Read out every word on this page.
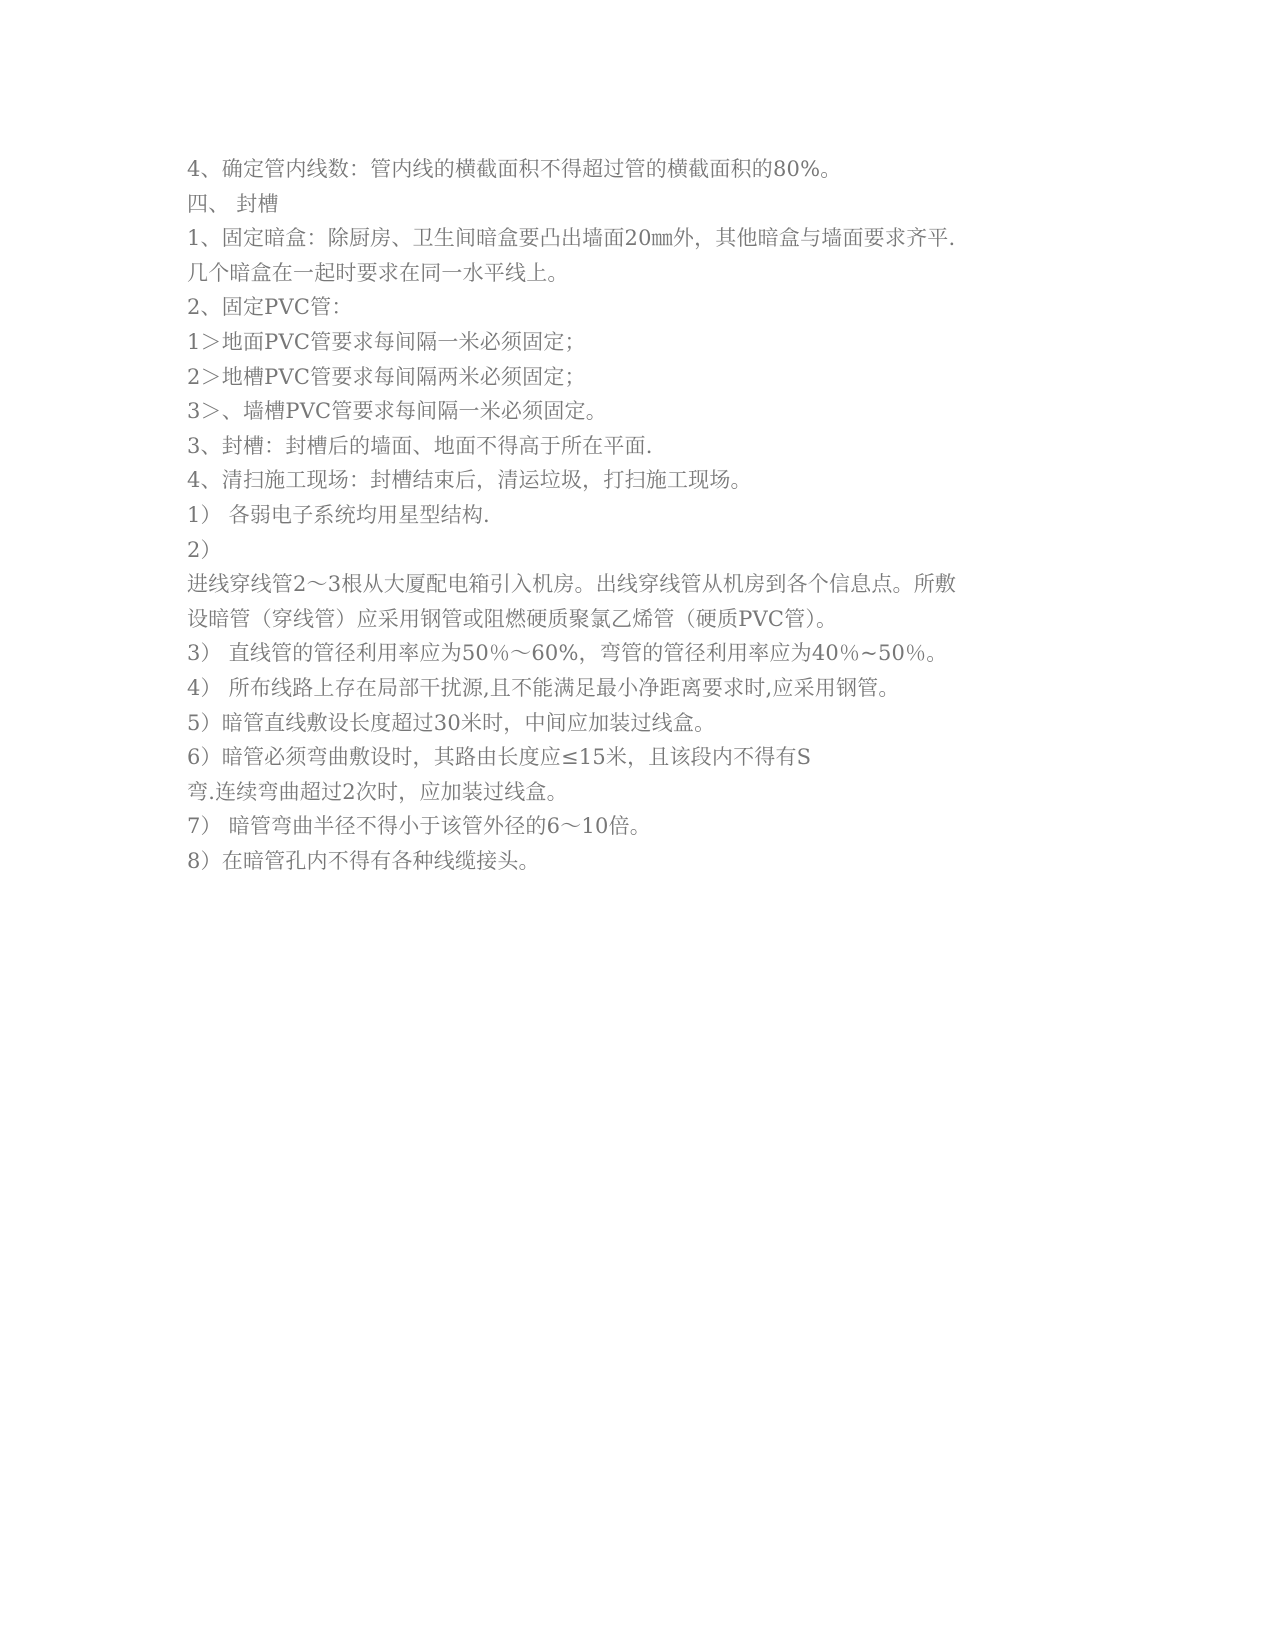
4、确定管内线数：管内线的横截面积不得超过管的横截面积的80%。
四、 封槽
1、固定暗盒：除厨房、卫生间暗盒要凸出墙面20㎜外，其他暗盒与墙面要求齐平.
几个暗盒在一起时要求在同一水平线上。
2、固定PVC管：
1＞地面PVC管要求每间隔一米必须固定；
2＞地槽PVC管要求每间隔两米必须固定；
3＞、墙槽PVC管要求每间隔一米必须固定。
3、封槽：封槽后的墙面、地面不得高于所在平面.
4、清扫施工现场：封槽结束后，清运垃圾，打扫施工现场。
1） 各弱电子系统均用星型结构.
2）
进线穿线管2～3根从大厦配电箱引入机房。出线穿线管从机房到各个信息点。所敷
设暗管（穿线管）应采用钢管或阻燃硬质聚氯乙烯管（硬质PVC管）。
3） 直线管的管径利用率应为50％～60%，弯管的管径利用率应为40％~50％。
4） 所布线路上存在局部干扰源,且不能满足最小净距离要求时,应采用钢管。
5）暗管直线敷设长度超过30米时，中间应加装过线盒。
6）暗管必须弯曲敷设时，其路由长度应≤15米，且该段内不得有S
弯.连续弯曲超过2次时，应加装过线盒。
7） 暗管弯曲半径不得小于该管外径的6～10倍。
8）在暗管孔内不得有各种线缆接头。
